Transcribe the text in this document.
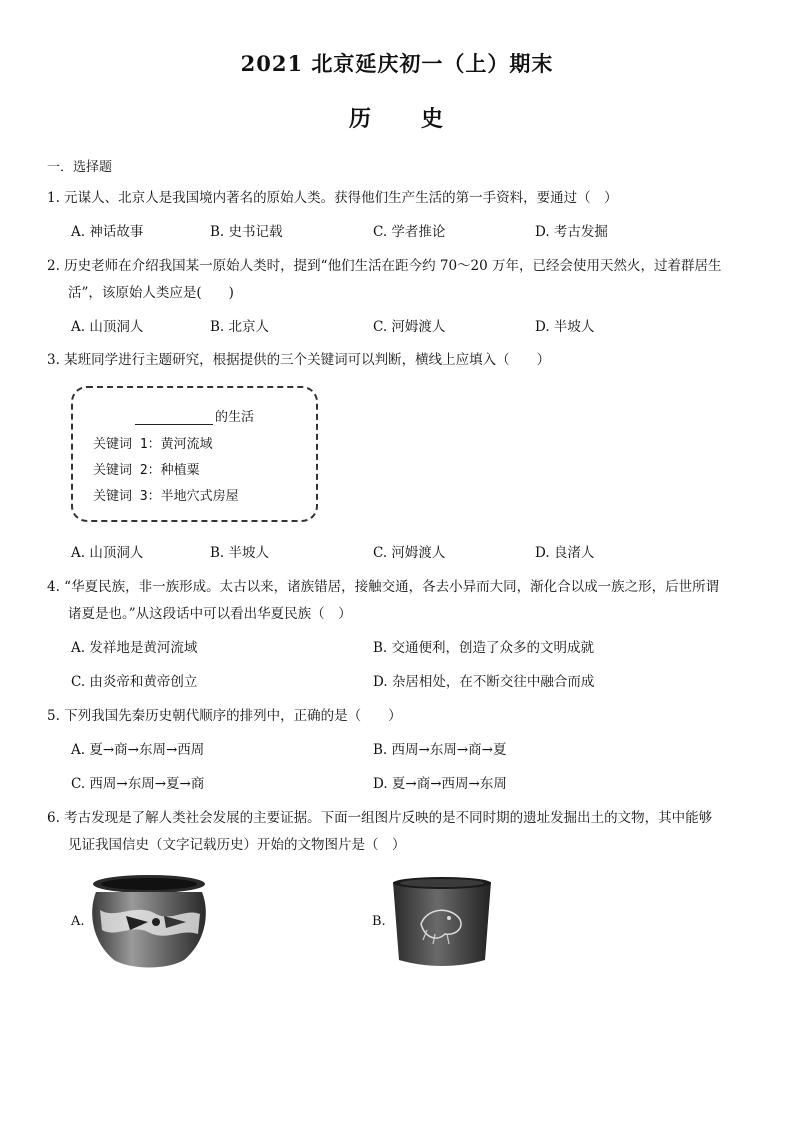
2021 北京延庆初一（上）期末
历　　史
一．选择题
1. 元谋人、北京人是我国境内著名的原始人类。获得他们生产生活的第一手资料，要通过（　）
A. 神话故事	B. 史书记载	C. 学者推论	D. 考古发掘
2. 历史老师在介绍我国某一原始人类时，提到“他们生活在距今约 70～20 万年，已经会使用天然火，过着群居生
活”，该原始人类应是(　　)
A. 山顶洞人	B. 北京人	C. 河姆渡人	D. 半坡人
3. 某班同学进行主题研究，根据提供的三个关键词可以判断，横线上应填入（　　）
的生活
关键词 1：黄河流域
关键词 2：种植粟
关键词 3：半地穴式房屋
A. 山顶洞人	B. 半坡人	C. 河姆渡人	D. 良渚人
4. “华夏民族，非一族形成。太古以来，诸族错居，接触交通，各去小异而大同，渐化合以成一族之形，后世所谓
诸夏是也。”从这段话中可以看出华夏民族（　）
A. 发祥地是黄河流域	B. 交通便利，创造了众多的文明成就
C. 由炎帝和黄帝创立	D. 杂居相处，在不断交往中融合而成
5. 下列我国先秦历史朝代顺序的排列中，正确的是（　　）
A. 夏→商→东周→西周	B. 西周→东周→商→夏
C. 西周→东周→夏→商	D. 夏→商→西周→东周
6. 考古发现是了解人类社会发展的主要证据。下面一组图片反映的是不同时期的遗址发掘出土的文物，其中能够
见证我国信史（文字记载历史）开始的文物图片是（　）
A.	B.
